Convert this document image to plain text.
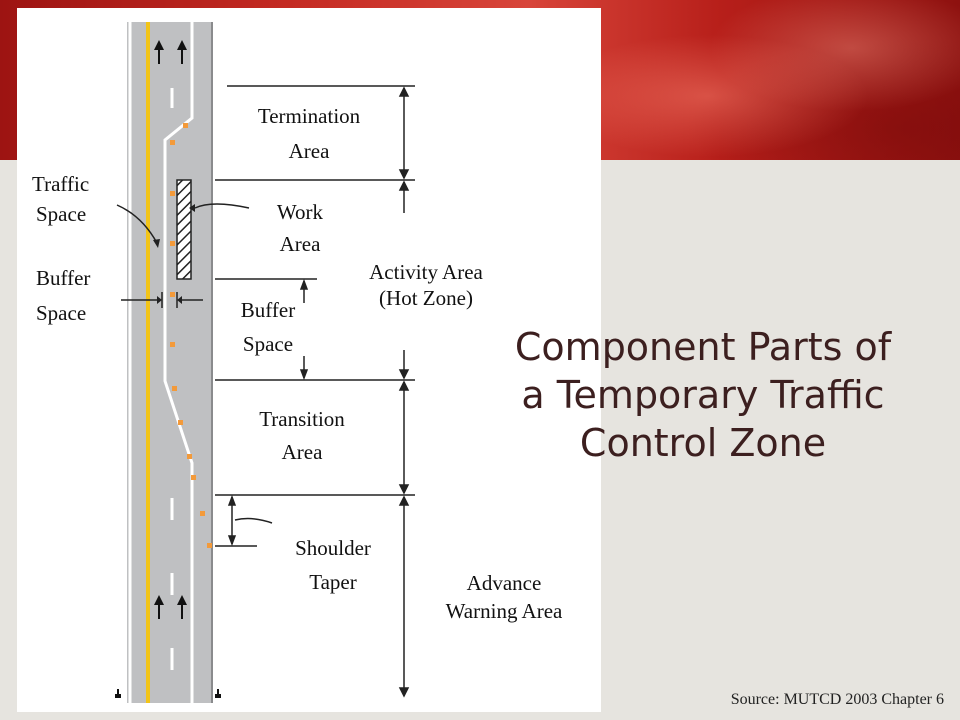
Traffic
Space
Buffer
Space
Termination
Area
Work
Area
Buffer
Space
Transition
Area
Shoulder
Taper
Activity Area
(Hot Zone)
Advance
Warning Area
Component Parts of
a Temporary Traffic
Control Zone
Source: MUTCD 2003 Chapter 6
